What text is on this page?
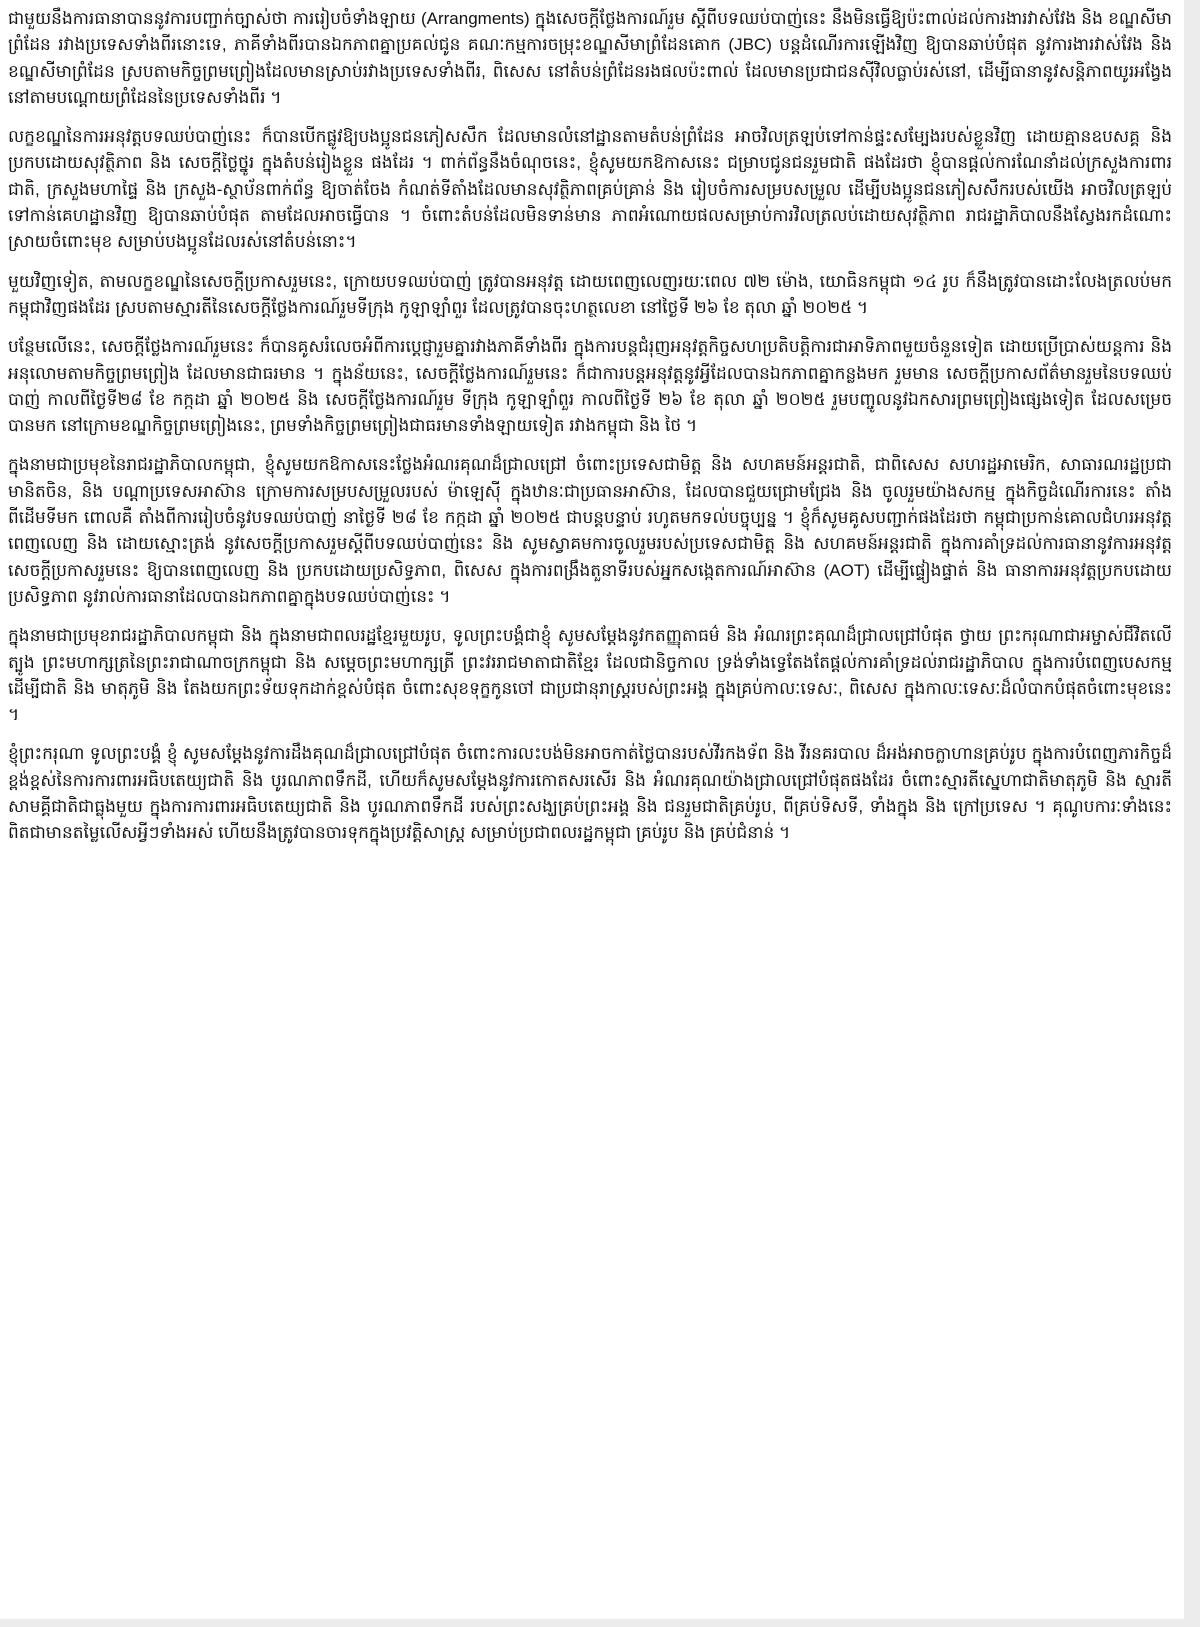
ជាមួយនឹងការធានាបាននូវការបញ្ជាក់ច្បាស់ថា ការរៀបចំទាំងឡាយ (Arrangments) ក្នុងសេចក្តីថ្លែងការណ៍រួម ស្តីពីបទឈប់បាញ់នេះ នឹងមិនធ្វើឱ្យប៉ះពាល់ដល់ការងារវាស់វែង និង ខណ្ឌសីមាព្រំដែន រវាងប្រទេសទាំងពីរនោះទេ, ភាគីទាំងពីរបានឯកភាពគ្នាប្រគល់ជូន គណៈកម្មការចម្រុះខណ្ឌសីមាព្រំដែនគោក (JBC) បន្តដំណើរការឡើងវិញ ឱ្យបានឆាប់បំផុត នូវការងារវាស់វែង និង ខណ្ឌសីមាព្រំដែន ស្របតាមកិច្ចព្រមព្រៀងដែលមានស្រាប់រវាងប្រទេសទាំងពីរ, ពិសេស នៅតំបន់ព្រំដែនរងផលប៉ះពាល់ ដែលមានប្រជាជនស៊ីវិលធ្លាប់រស់នៅ, ដើម្បីធានានូវសន្តិភាពយូរអង្វែង នៅតាមបណ្តោយព្រំដែននៃប្រទេសទាំងពីរ ។

លក្ខខណ្ឌនៃការអនុវត្តបទឈប់បាញ់នេះ ក៏បានបើកផ្លូវឱ្យបងប្អូនជនភៀសសឹក ដែលមានលំនៅដ្ឋានតាមតំបន់ព្រំដែន អាចវិលត្រឡប់ទៅកាន់ផ្ទះសម្បែងរបស់ខ្លួនវិញ ដោយគ្មានឧបសគ្គ និង ប្រកបដោយសុវត្ថិភាព និង សេចក្តីថ្លៃថ្នូរ ក្នុងតំបន់រៀងខ្លួន ផងដែរ ។ ពាក់ព័ន្ធនឹងចំណុចនេះ, ខ្ញុំសូមយកឱកាសនេះ ជម្រាបជូនជនរួមជាតិ ផងដែរថា ខ្ញុំបានផ្តល់ការណែនាំដល់ក្រសួងការពារជាតិ, ក្រសួងមហាផ្ទៃ និង ក្រសួង-ស្ថាប័នពាក់ព័ន្ធ ឱ្យចាត់ចែង កំណត់ទីតាំងដែលមានសុវត្ថិភាពគ្រប់គ្រាន់ និង រៀបចំការសម្របសម្រួល ដើម្បីបងប្អូនជនភៀសសឹករបស់យើង អាចវិលត្រឡប់ទៅកាន់គេហដ្ឋានវិញ ឱ្យបានឆាប់បំផុត តាមដែលអាចធ្វើបាន ។ ចំពោះតំបន់ដែលមិនទាន់មាន ភាពអំណោយផលសម្រាប់ការវិលត្រលប់ដោយសុវត្ថិភាព រាជរដ្ឋាភិបាលនឹងស្វែងរកដំណោះស្រាយចំពោះមុខ សម្រាប់បងប្អូនដែលរស់នៅតំបន់នោះ។

មួយវិញទៀត, តាមលក្ខខណ្ឌនៃសេចក្តីប្រកាសរួមនេះ, ក្រោយបទឈប់បាញ់ ត្រូវបានអនុវត្ត ដោយពេញលេញរយៈពេល ៧២ ម៉ោង, យោធិនកម្ពុជា ១៤ រូប ក៏នឹងត្រូវបានដោះលែងត្រលប់មកកម្ពុជាវិញផងដែរ ស្របតាមស្មារតីនៃសេចក្តីថ្លែងការណ៍រួមទីក្រុង កូឡាឡាំពួរ ដែលត្រូវបានចុះហត្ថលេខា នៅថ្ងៃទី ២៦ ខែ តុលា ឆ្នាំ ២០២៥ ។

បន្ថែមលើនេះ, សេចក្តីថ្លែងការណ៍រួមនេះ ក៏បានគូសរំលេចអំពីការប្តេជ្ញារួមគ្នារវាងភាគីទាំងពីរ ក្នុងការបន្តជំរុញអនុវត្តកិច្ចសហប្រតិបត្តិការជាអាទិភាពមួយចំនួនទៀត ដោយប្រើប្រាស់យន្តការ និង អនុលោមតាមកិច្ចព្រមព្រៀង ដែលមានជាធរមាន ។ ក្នុងន័យនេះ, សេចក្តីថ្លែងការណ៍រួមនេះ ក៏ជាការបន្តអនុវត្តនូវអ្វីដែលបានឯកភាពគ្នាកន្លងមក រួមមាន សេចក្តីប្រកាសព័ត៌មានរួមនៃបទឈប់បាញ់ កាលពីថ្ងៃទី២៨ ខែ កក្កដា ឆ្នាំ ២០២៥ និង សេចក្តីថ្លែងការណ៍រួម ទីក្រុង កូឡាឡាំពួរ កាលពីថ្ងៃទី ២៦ ខែ តុលា ឆ្នាំ ២០២៥ រួមបញ្ចូលនូវឯកសារព្រមព្រៀងផ្សេងទៀត ដែលសម្រេចបានមក នៅក្រោមខណ្ឌកិច្ចព្រមព្រៀងនេះ, ព្រមទាំងកិច្ចព្រមព្រៀងជាធរមានទាំងឡាយទៀត រវាងកម្ពុជា និង ថៃ ។

ក្នុងនាមជាប្រមុខនៃរាជរដ្ឋាភិបាលកម្ពុជា, ខ្ញុំសូមយកឱកាសនេះថ្លែងអំណរគុណដ៏ជ្រាលជ្រៅ ចំពោះប្រទេសជាមិត្ត និង សហគមន៍អន្តរជាតិ, ជាពិសេស សហរដ្ឋអាមេរិក, សាធារណរដ្ឋប្រជាមានិតចិន, និង បណ្តាប្រទេសអាស៊ាន ក្រោមការសម្របសម្រួលរបស់ ម៉ាឡេស៊ី ក្នុងឋានៈជាប្រធានអាស៊ាន, ដែលបានជួយជ្រោមជ្រែង និង ចូលរួមយ៉ាងសកម្ម ក្នុងកិច្ចដំណើរការនេះ តាំងពីដើមទីមក ពោលគឺ តាំងពីការរៀបចំនូវបទឈប់បាញ់ នាថ្ងៃទី ២៨ ខែ កក្កដា ឆ្នាំ ២០២៥ ជាបន្តបន្ទាប់ រហូតមកទល់បច្ចុប្បន្ន ។ ខ្ញុំក៏សូមគូសបញ្ជាក់ផងដែរថា កម្ពុជាប្រកាន់គោលជំហរអនុវត្តពេញលេញ និង ដោយស្មោះត្រង់ នូវសេចក្តីប្រកាសរួមស្តីពីបទឈប់បាញ់នេះ និង សូមស្វាគមការចូលរួមរបស់ប្រទេសជាមិត្ត និង សហគមន៍អន្តរជាតិ ក្នុងការគាំទ្រដល់ការធានានូវការអនុវត្តសេចក្តីប្រកាសរួមនេះ ឱ្យបានពេញលេញ និង ប្រកបដោយប្រសិទ្ធភាព, ពិសេស ក្នុងការពង្រឹងតួនាទីរបស់អ្នកសង្កេតការណ៍អាស៊ាន (AOT) ដើម្បីផ្ទៀងផ្ទាត់ និង ធានាការអនុវត្តប្រកបដោយប្រសិទ្ធភាព នូវរាល់ការធានាដែលបានឯកភាពគ្នាក្នុងបទឈប់បាញ់នេះ ។

ក្នុងនាមជាប្រមុខរាជរដ្ឋាភិបាលកម្ពុជា និង ក្នុងនាមជាពលរដ្ឋខ្មែរមួយរូប, ទូលព្រះបង្គំជាខ្ញុំ សូមសម្តែងនូវកតញ្ញុតាធម៌ និង អំណរព្រះគុណដ៏ជ្រាលជ្រៅបំផុត ថ្វាយ ព្រះករុណាជាអម្ចាស់ជីវិតលើត្បូង ព្រះមហាក្សត្រនៃព្រះរាជាណាចក្រកម្ពុជា និង សម្តេចព្រះមហាក្សត្រី ព្រះវររាជមាតាជាតិខ្មែរ ដែលជានិច្ចកាល ទ្រង់ទាំងទ្វេតែងតែផ្តល់ការគាំទ្រដល់រាជរដ្ឋាភិបាល ក្នុងការបំពេញបេសកម្ម ដើម្បីជាតិ និង មាតុភូមិ និង តែងយកព្រះទ័យទុកដាក់ខ្ពស់បំផុត ចំពោះសុខទុក្ខកូនចៅ ជាប្រជានុរាស្ត្ររបស់ព្រះអង្គ ក្នុងគ្រប់កាលៈទេសៈ, ពិសេស ក្នុងកាលៈទេសៈដ៏លំបាកបំផុតចំពោះមុខនេះ ។

ខ្ញុំព្រះករុណា ទូលព្រះបង្គំ ខ្ញុំ សូមសម្តែងនូវការដឹងគុណដ៏ជ្រាលជ្រៅបំផុត ចំពោះការលះបង់មិនអាចកាត់ថ្លៃបានរបស់វីរកងទ័ព និង វីរនគរបាល ដ៏អង់អាចក្លាហានគ្រប់រូប ក្នុងការបំពេញភារកិច្ចដ៏ខ្ពង់ខ្ពស់នៃការការពារអធិបតេយ្យជាតិ និង បូរណភាពទឹកដី, ហើយក៏សូមសម្តែងនូវការកោតសរសើរ និង អំណរគុណយ៉ាងជ្រាលជ្រៅបំផុតផងដែរ ចំពោះស្មារតីស្នេហាជាតិមាតុភូមិ និង ស្មារតីសាមគ្គីជាតិជាធ្លុងមួយ ក្នុងការការពារអធិបតេយ្យជាតិ និង បូរណភាពទឹកដី របស់ព្រះសង្ឃគ្រប់ព្រះអង្គ និង ជនរួមជាតិគ្រប់រូប, ពីគ្រប់ទិសទី, ទាំងក្នុង និង ក្រៅប្រទេស ។ គុណូបការៈទាំងនេះ ពិតជាមានតម្លៃលើសអ្វីៗទាំងអស់ ហើយនឹងត្រូវបានចារទុកក្នុងប្រវត្តិសាស្ត្រ សម្រាប់ប្រជាពលរដ្ឋកម្ពុជា គ្រប់រូប និង គ្រប់ជំនាន់ ។
